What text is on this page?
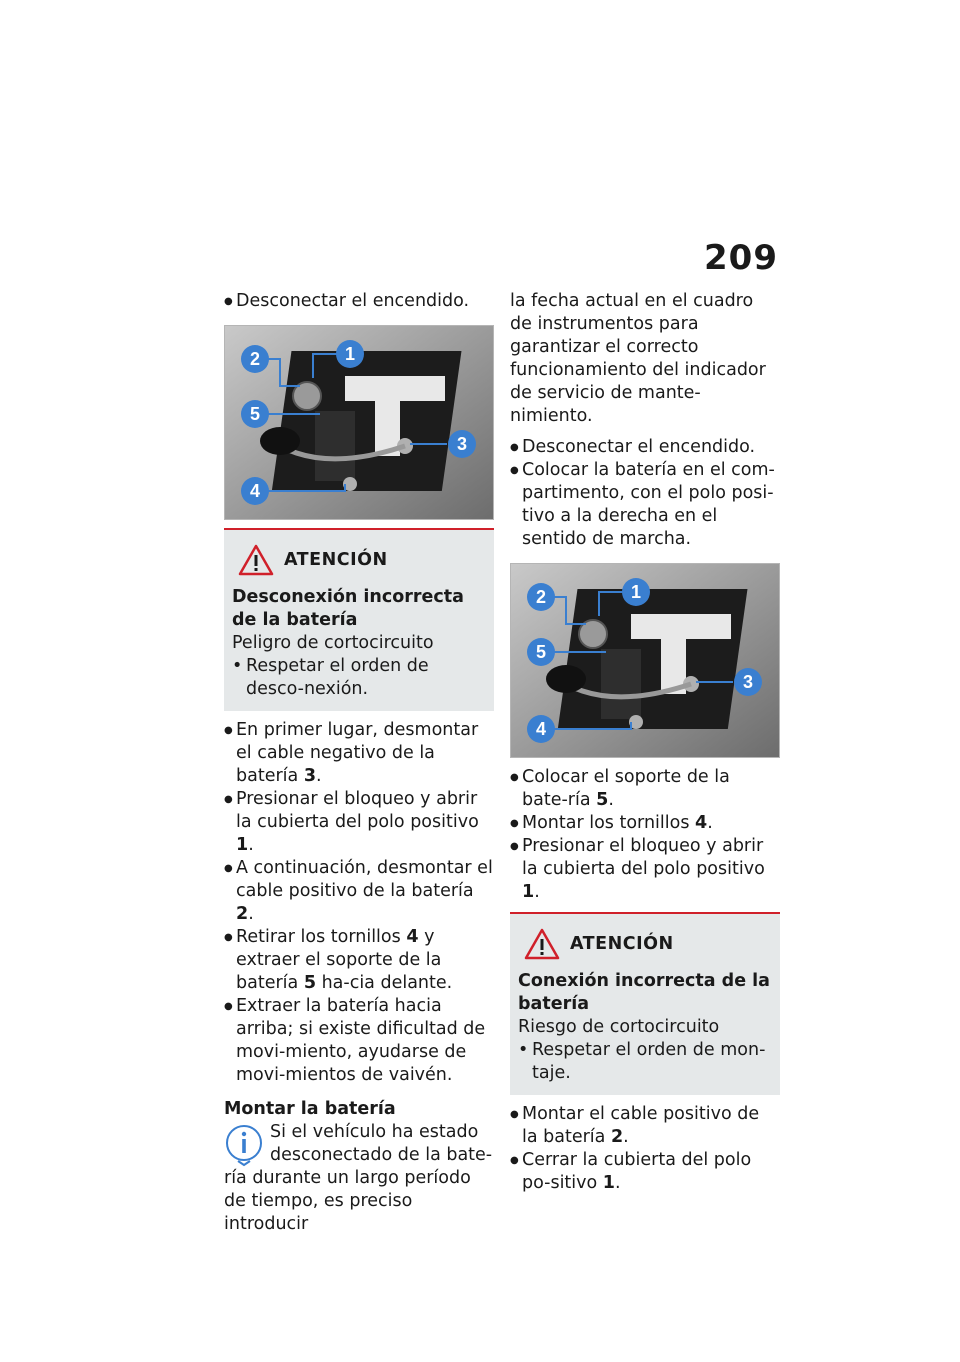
209
● Desconectar el encendido.
1
2
3
4
5
ATENCIÓN
Desconexión incorrecta de la batería
Peligro de cortocircuito
• Respetar el orden de desco-nexión.
● En primer lugar, desmontar el cable negativo de la batería 3.
● Presionar el bloqueo y abrir la cubierta del polo positivo 1.
● A continuación, desmontar el cable positivo de la batería 2.
● Retirar los tornillos 4 y extraer el soporte de la batería 5 ha-cia delante.
● Extraer la batería hacia arriba; si existe dificultad de movi-miento, ayudarse de movi-mientos de vaivén.
Montar la batería
Si el vehículo ha estado desconectado de la bate-ría durante un largo período de tiempo, es preciso introducir
la fecha actual en el cuadro de instrumentos para garantizar el correcto funcionamiento del indicador de servicio de mante-nimiento.
● Desconectar el encendido.
● Colocar la batería en el com-partimento, con el polo posi-tivo a la derecha en el sentido de marcha.
1
2
3
4
5
● Colocar el soporte de la bate-ría 5.
● Montar los tornillos 4.
● Presionar el bloqueo y abrir la cubierta del polo positivo 1.
ATENCIÓN
Conexión incorrecta de la batería
Riesgo de cortocircuito
• Respetar el orden de mon-taje.
● Montar el cable positivo de la batería 2.
● Cerrar la cubierta del polo po-sitivo 1.
